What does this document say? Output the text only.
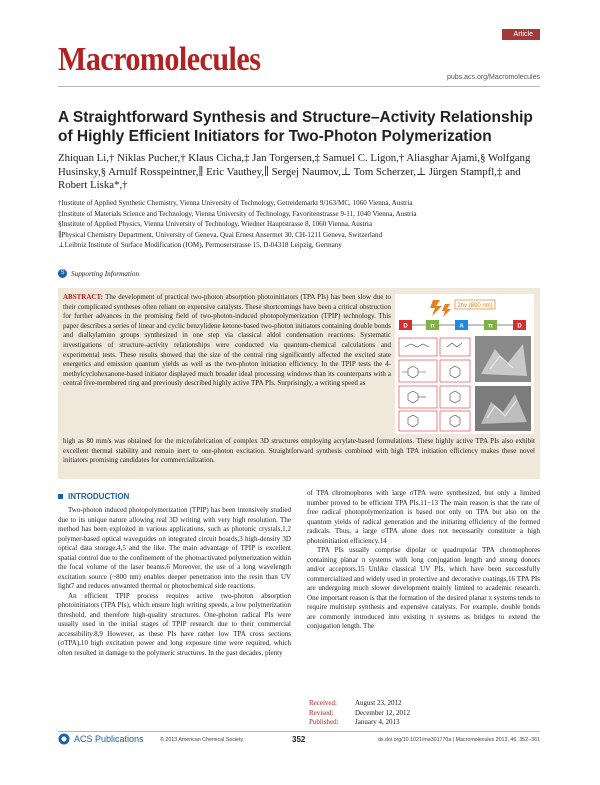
Article
Macromolecules	pubs.acs.org/Macromolecules
A Straightforward Synthesis and Structure–Activity Relationship of Highly Efficient Initiators for Two-Photon Polymerization
Zhiquan Li,† Niklas Pucher,† Klaus Cicha,‡ Jan Torgersen,‡ Samuel C. Ligon,† Aliasghar Ajami,§ Wolfgang Husinsky,§ Arnulf Rosspeintner,∥ Eric Vauthey,∥ Sergej Naumov,⊥ Tom Scherzer,⊥ Jürgen Stampfl,‡ and Robert Liska*,†
†Institute of Applied Synthetic Chemistry, Vienna University of Technology, Getreidemarkt 9/163/MC, 1060 Vienna, Austria
‡Institute of Materials Science and Technology, Vienna University of Technology, Favoritenstrasse 9-11, 1040 Vienna, Austria
§Institute of Applied Physics, Vienna University of Technology, Wiedner Hauptstrasse 8, 1060 Vienna, Austria
∥Physical Chemistry Department, University of Geneva, Quai Ernest Ansermet 30, CH-1211 Geneva, Switzerland
⊥Leibniz Institute of Surface Modification (IOM), Permoserstrasse 15, D-04318 Leipzig, Germany
S Supporting Information
ABSTRACT: The development of practical two-photon absorption photoinitiators (TPA PIs) has been slow due to their complicated syntheses often reliant on expensive catalysts. These shortcomings have been a critical obstruction for further advances in the promising field of two-photon-induced photopolymerization (TPIP) technology. This paper describes a series of linear and cyclic benzylidene ketone-based two-photon initiators containing double bonds and dialkylamino groups synthesized in one step via classical aldol condensation reactions. Systematic investigations of structure–activity relationships were conducted via quantum-chemical calculations and experimental tests. These results showed that the size of the central ring significantly affected the excited state energetics and emission quantum yields as well as the two-photon initiation efficiency. In the TPIP tests the 4-methylcyclohexanone-based initiator displayed much broader ideal processing windows than its counterparts with a central five-membered ring and previously described highly active TPA PIs. Surprisingly, a writing speed as
high as 80 mm/s was obtained for the microfabrication of complex 3D structures employing acrylate-based formulations. These highly active TPA PIs also exhibit excellent thermal stability and remain inert to one-photon excitation. Straightforward synthesis combined with high TPA initiation efficiency makes these novel initiators promising candidates for commercialization.
2hν (800 nm)
D	π	A	π	D
INTRODUCTION

Two-photon induced photopolymerization (TPIP) has been intensively studied due to its unique nature allowing real 3D writing with very high resolution. The method has been exploited in various applications, such as photonic crystals,1,2 polymer-based optical waveguides on integrated circuit boards,3 high-density 3D optical data storage,4,5 and the like. The main advantage of TPIP is excellent spatial control due to the confinement of the photoactivated polymerization within the focal volume of the laser beams.6 Moreover, the use of a long wavelength excitation source (~800 nm) enables deeper penetration into the resin than UV light7 and reduces unwanted thermal or photochemical side reactions.

An efficient TPIP process requires active two-photon absorption photoinitiators (TPA PIs), which ensure high writing speeds, a low polymerization threshold, and therefore high-quality structures. One-photon radical PIs were usually used in the initial stages of TPIP research due to their commercial accessibility.8,9 However, as these PIs have rather low TPA cross sections (σTPA),10 high excitation power and long exposure time were required, which often resulted in damage to the polymeric structures. In the past decades, plenty

of TPA chromophores with large σTPA were synthesized, but only a limited number proved to be efficient TPA PIs.11−13 The main reason is that the rate of free radical photopolymerization is based not only on TPA but also on the quantum yields of radical generation and the initiating efficiency of the formed radicals. Thus, a large σTPA alone does not necessarily constitute a high photoinitiation efficiency.14

TPA PIs usually comprise dipolar or quadrupolar TPA chromophores containing planar π systems with long conjugation length and strong donors and/or acceptors.15 Unlike classical UV PIs, which have been successfully commercialized and widely used in protective and decorative coatings,16 TPA PIs are undergoing much slower development mainly limited to academic research. One important reason is that the formation of the desired planar π systems tends to require multistep synthesis and expensive catalysts. For example, double bonds are commonly introduced into existing π systems as bridges to extend the conjugation length. The

Received:	August 23, 2012
Revised:	December 12, 2012
Published: January 4, 2013
ACS Publications	© 2013 American Chemical Society	352	dx.doi.org/10.1021/ma301770a | Macromolecules 2013, 46, 352−361
